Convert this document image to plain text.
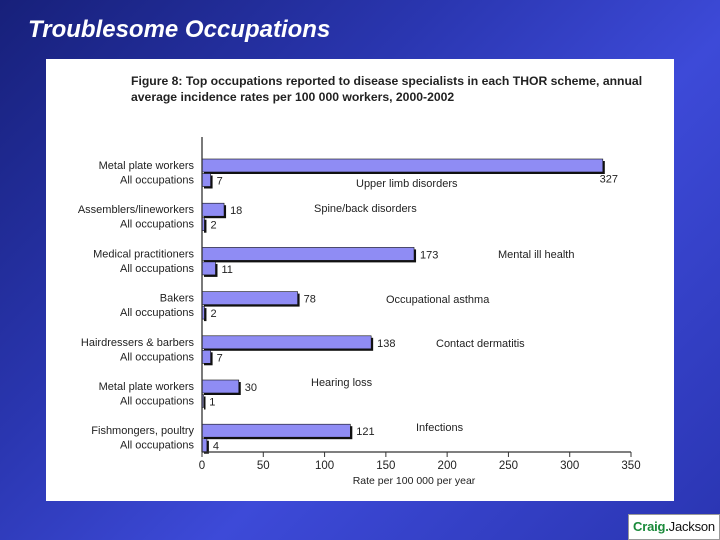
Troublesome Occupations
Figure 8: Top occupations reported to disease specialists in each THOR scheme, annual average incidence rates per 100 000 workers, 2000-2002
0	50	100	150	200	250	300	350
Rate per 100 000 per year
Metal plate workers
All occupations	327
7	Upper limb disorders
Assemblers/lineworkers
All occupations
18
2
Spine/back disorders
Medical practitioners
All occupations
173
11
Mental ill health
Bakers
All occupations
78
2
Occupational asthma
Hairdressers & barbers
All occupations
138
7
Contact dermatitis
Metal plate workers
All occupations
30
1
Hearing loss
Fishmongers, poultry
All occupations
121
4
Infections
Craig.Jackson
